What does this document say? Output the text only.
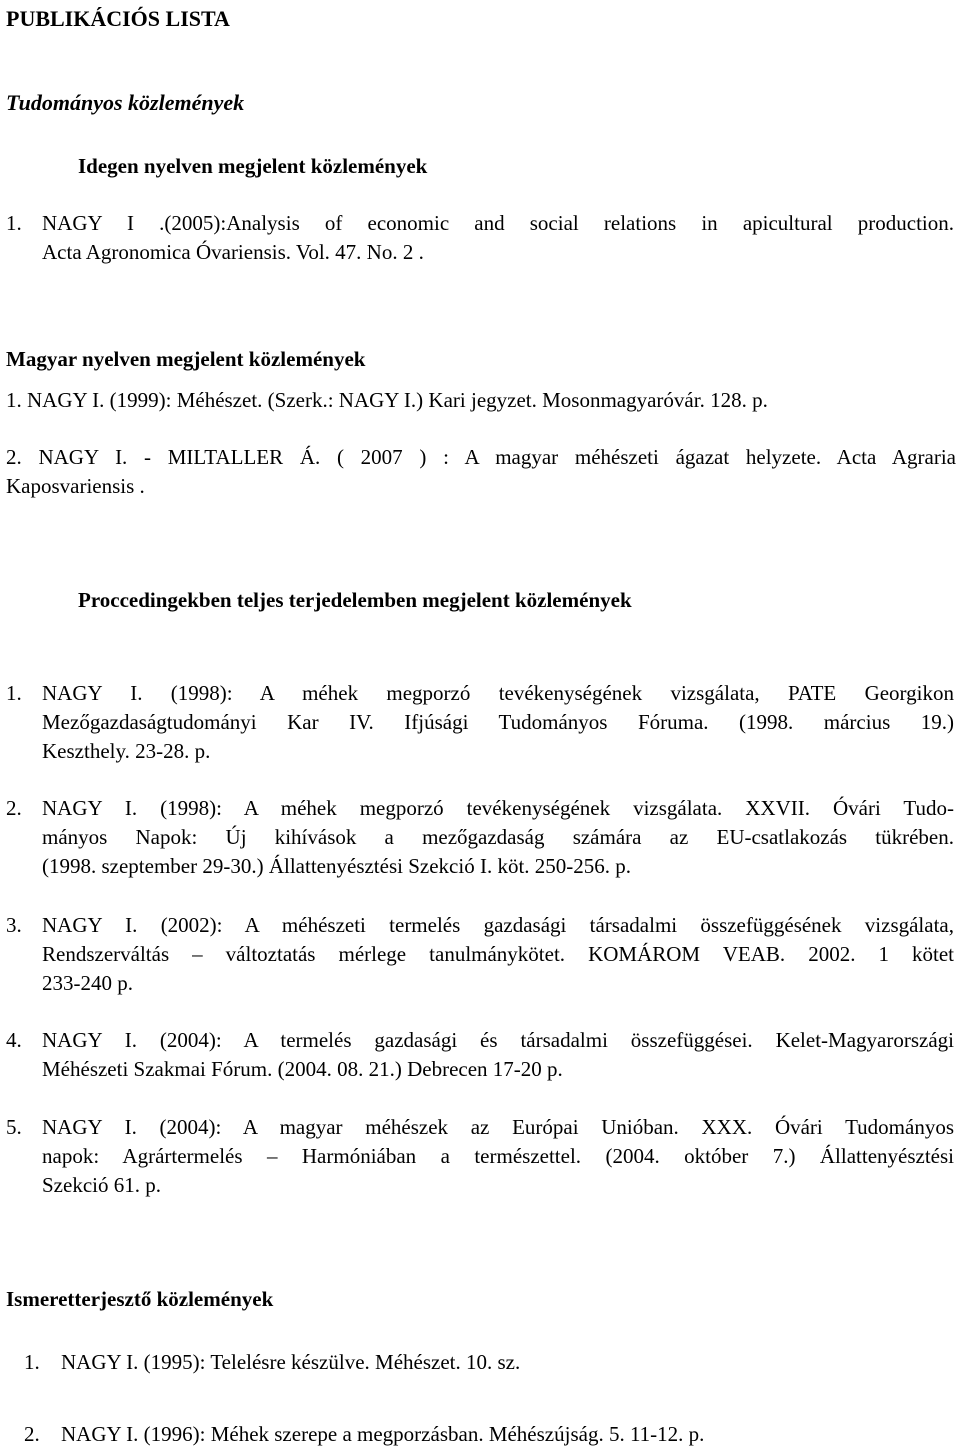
PUBLIKÁCIÓS LISTA
Tudományos közlemények
Idegen nyelven megjelent közlemények
1. NAGY I .(2005):Analysis of economic and social relations in apicultural production.
Acta Agronomica Óvariensis. Vol. 47. No. 2 .
Magyar nyelven megjelent közlemények
1. NAGY I. (1999): Méhészet. (Szerk.: NAGY I.) Kari jegyzet. Mosonmagyaróvár. 128. p.
2. NAGY I. - MILTALLER Á. ( 2007 ) : A magyar méhészeti ágazat helyzete. Acta Agraria
Kaposvariensis .
Proccedingekben teljes terjedelemben megjelent közlemények
1. NAGY I. (1998): A méhek megporzó tevékenységének vizsgálata, PATE Georgikon
Mezőgazdaságtudományi Kar IV. Ifjúsági Tudományos Fóruma. (1998. március 19.)
Keszthely. 23-28. p.
2. NAGY I. (1998): A méhek megporzó tevékenységének vizsgálata. XXVII. Óvári Tudo-
mányos Napok: Új kihívások a mezőgazdaság számára az EU-csatlakozás tükrében.
(1998. szeptember 29-30.) Állattenyésztési Szekció I. köt. 250-256. p.
3. NAGY I. (2002): A méhészeti termelés gazdasági társadalmi összefüggésének vizsgálata,
Rendszerváltás – változtatás mérlege tanulmánykötet. KOMÁROM VEAB. 2002. 1 kötet
233-240 p.
4. NAGY I. (2004): A termelés gazdasági és társadalmi összefüggései. Kelet-Magyarországi
Méhészeti Szakmai Fórum. (2004. 08. 21.) Debrecen 17-20 p.
5. NAGY I. (2004): A magyar méhészek az Európai Unióban. XXX. Óvári Tudományos
napok: Agrártermelés – Harmóniában a természettel. (2004. október 7.) Állattenyésztési
Szekció 61. p.
Ismeretterjesztő közlemények
1. NAGY I. (1995): Telelésre készülve. Méhészet. 10. sz.
2. NAGY I. (1996): Méhek szerepe a megporzásban. Méhészújság. 5. 11-12. p.
